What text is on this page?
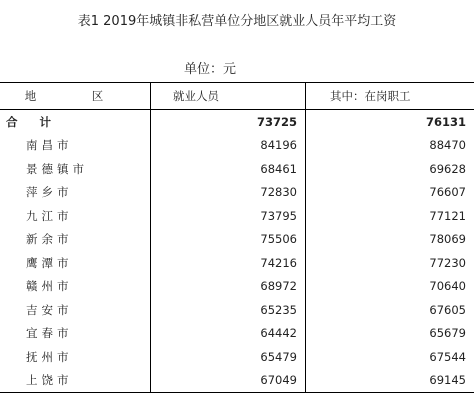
表1 2019年城镇非私营单位分地区就业人员年平均工资
单位：元
地　区	就业人员	其中：在岗职工
合计	73725	76131
南昌市	84196	88470
景德镇市	68461	69628
萍乡市	72830	76607
九江市	73795	77121
新余市	75506	78069
鹰潭市	74216	77230
赣州市	68972	70640
吉安市	65235	67605
宜春市	64442	65679
抚州市	65479	67544
上饶市	67049	69145
